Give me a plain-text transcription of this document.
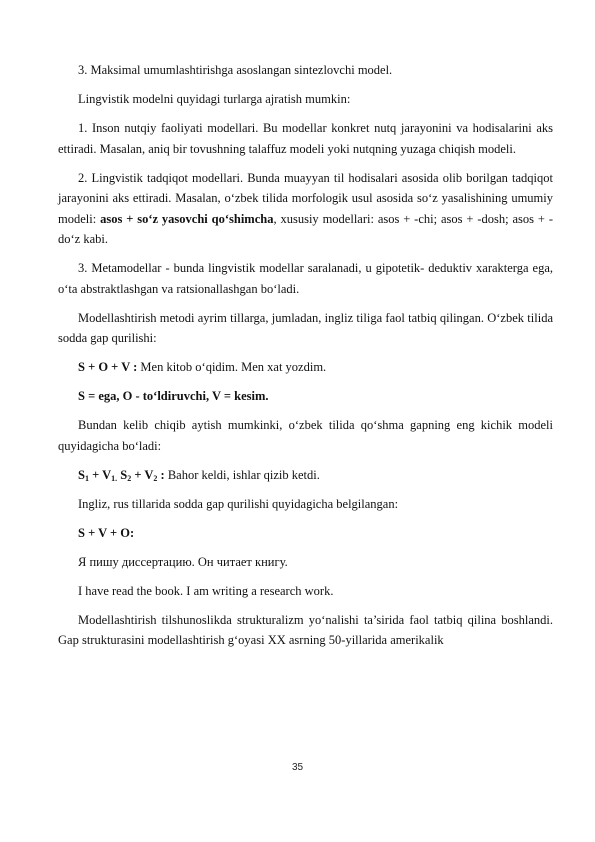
3. Maksimal umumlashtirishga asoslangan sintezlovchi model.

Lingvistik modelni quyidagi turlarga ajratish mumkin:

1. Inson nutqiy faoliyati modellari. Bu modellar konkret nutq jarayonini va hodisalarini aks ettiradi. Masalan, aniq bir tovushning talaffuz modeli yoki nutqning yuzaga chiqish modeli.

2. Lingvistik tadqiqot modellari. Bunda muayyan til hodisalari asosida olib borilgan tadqiqot jarayonini aks ettiradi. Masalan, o‘zbek tilida morfologik usul asosida so‘z yasalishining umumiy modeli: asos + so‘z yasovchi qo‘shimcha, xususiy modellari: asos + -chi; asos + -dosh; asos + -do‘z kabi.

3. Metamodellar - bunda lingvistik modellar saralanadi, u gipotetik- deduktiv xarakterga ega, o‘ta abstraktlashgan va ratsionallashgan bo‘ladi.

Modellashtirish metodi ayrim tillarga, jumladan, ingliz tiliga faol tatbiq qilingan. O‘zbek tilida sodda gap qurilishi:

S + O + V : Men kitob o‘qidim. Men xat yozdim.

S = ega, O - to‘ldiruvchi, V = kesim.

Bundan kelib chiqib aytish mumkinki, o‘zbek tilida qo‘shma gapning eng kichik modeli quyidagicha bo‘ladi:

$S_1 + V_{1.}$ $S_2 + V_2$ : Bahor keldi, ishlar qizib ketdi.

Ingliz, rus tillarida sodda gap qurilishi quyidagicha belgilangan:

S + V + O:

Я пишу диссертацию. Он читает книгу.

I have read the book. I am writing a research work.

Modellashtirish tilshunoslikda strukturalizm yo‘nalishi ta’sirida faol tatbiq qilina boshlandi. Gap strukturasini modellashtirish g‘oyasi XX asrning 50-yillarida amerikalik

35
